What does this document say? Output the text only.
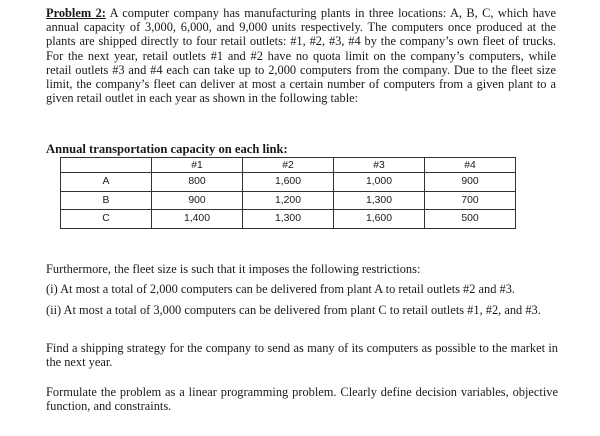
Problem 2: A computer company has manufacturing plants in three locations: A, B, C, which have annual capacity of 3,000, 6,000, and 9,000 units respectively. The computers once produced at the plants are shipped directly to four retail outlets: #1, #2, #3, #4 by the company’s own fleet of trucks. For the next year, retail outlets #1 and #2 have no quota limit on the company’s computers, while retail outlets #3 and #4 each can take up to 2,000 computers from the company. Due to the fleet size limit, the company’s fleet can deliver at most a certain number of computers from a given plant to a given retail outlet in each year as shown in the following table:

Annual transportation capacity on each link:

	#1	#2	#3	#4
A	800	1,600	1,000	900
B	900	1,200	1,300	700
C	1,400	1,300	1,600	500

Furthermore, the fleet size is such that it imposes the following restrictions:

(i) At most a total of 2,000 computers can be delivered from plant A to retail outlets #2 and #3.

(ii) At most a total of 3,000 computers can be delivered from plant C to retail outlets #1, #2, and #3.

Find a shipping strategy for the company to send as many of its computers as possible to the market in the next year.

Formulate the problem as a linear programming problem. Clearly define decision variables, objective function, and constraints.
